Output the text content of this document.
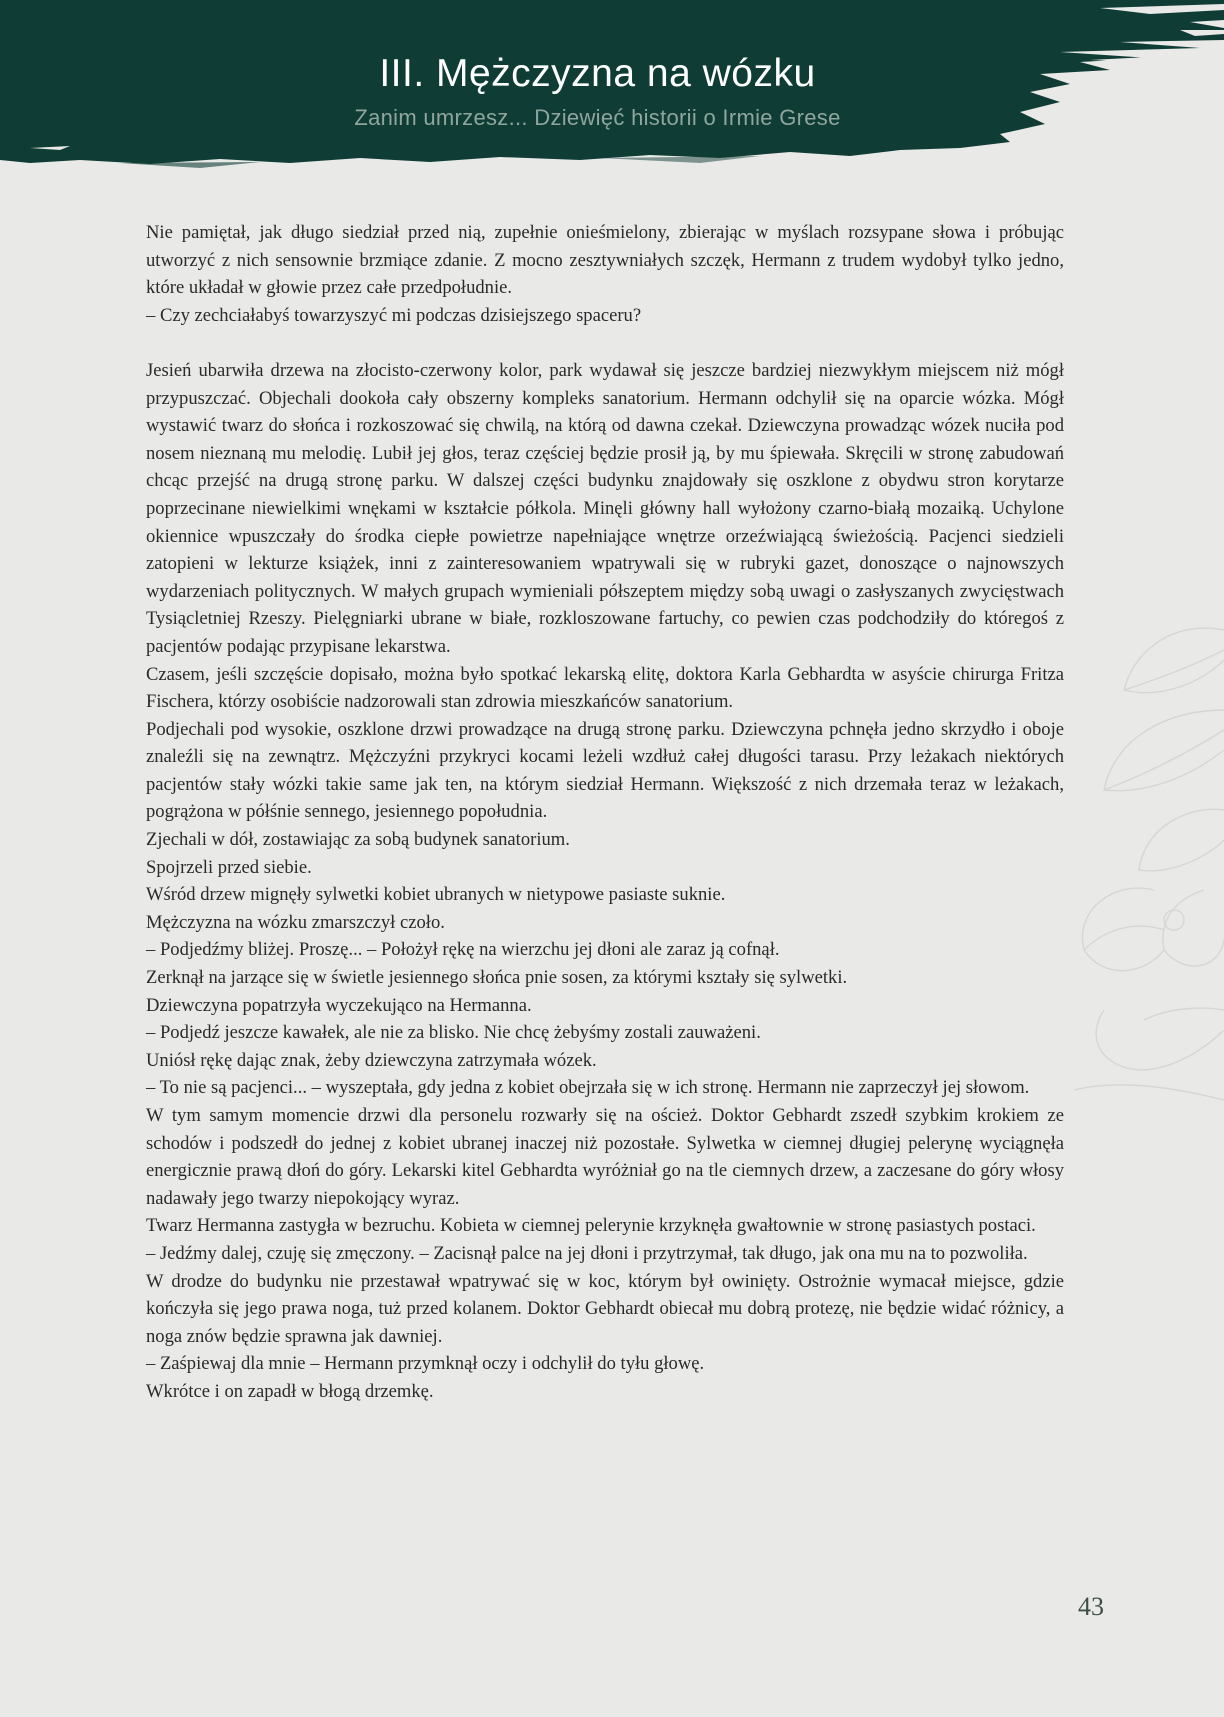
III. Mężczyzna na wózku
Zanim umrzesz... Dziewięć historii o Irmie Grese

Nie pamiętał, jak długo siedział przed nią, zupełnie onieśmielony, zbierając w myślach rozsypane słowa i próbując utworzyć z nich sensownie brzmiące zdanie. Z mocno zesztywniałych szczęk, Hermann z trudem wydobył tylko jedno, które układał w głowie przez całe przedpołudnie.

– Czy zechciałabyś towarzyszyć mi podczas dzisiejszego spaceru?

Jesień ubarwiła drzewa na złocisto-czerwony kolor, park wydawał się jeszcze bardziej niezwykłym miejscem niż mógł przypuszczać. Objechali dookoła cały obszerny kompleks sanatorium. Hermann odchylił się na oparcie wózka. Mógł wystawić twarz do słońca i rozkoszować się chwilą, na którą od dawna czekał. Dziewczyna prowadząc wózek nuciła pod nosem nieznaną mu melodię. Lubił jej głos, teraz częściej będzie prosił ją, by mu śpiewała. Skręcili w stronę zabudowań chcąc przejść na drugą stronę parku. W dalszej części budynku znajdowały się oszklone z obydwu stron korytarze poprzecinane niewielkimi wnękami w kształcie półkola. Minęli główny hall wyłożony czarno-białą mozaiką. Uchylone okiennice wpuszczały do środka ciepłe powietrze napełniające wnętrze orzeźwiającą świeżością. Pacjenci siedzieli zatopieni w lekturze książek, inni z zainteresowaniem wpatrywali się w rubryki gazet, donoszące o najnowszych wydarzeniach politycznych. W małych grupach wymieniali półszeptem między sobą uwagi o zasłyszanych zwycięstwach Tysiącletniej Rzeszy. Pielęgniarki ubrane w białe, rozkloszowane fartuchy, co pewien czas podchodziły do któregoś z pacjentów podając przypisane lekarstwa.

Czasem, jeśli szczęście dopisało, można było spotkać lekarską elitę, doktora Karla Gebhardta w asyście chirurga Fritza Fischera, którzy osobiście nadzorowali stan zdrowia mieszkańców sanatorium.

Podjechali pod wysokie, oszklone drzwi prowadzące na drugą stronę parku. Dziewczyna pchnęła jedno skrzydło i oboje znaleźli się na zewnątrz. Mężczyźni przykryci kocami leżeli wzdłuż całej długości tarasu. Przy leżakach niektórych pacjentów stały wózki takie same jak ten, na którym siedział Hermann. Większość z nich drzemała teraz w leżakach, pogrążona w półśnie sennego, jesiennego popołudnia.

Zjechali w dół, zostawiając za sobą budynek sanatorium.

Spojrzeli przed siebie.

Wśród drzew mignęły sylwetki kobiet ubranych w nietypowe pasiaste suknie.

Mężczyzna na wózku zmarszczył czoło.

– Podjedźmy bliżej. Proszę... – Położył rękę na wierzchu jej dłoni ale zaraz ją cofnął.

Zerknął na jarzące się w świetle jesiennego słońca pnie sosen, za którymi kształy się sylwetki.

Dziewczyna popatrzyła wyczekująco na Hermanna.

– Podjedź jeszcze kawałek, ale nie za blisko. Nie chcę żebyśmy zostali zauważeni.

Uniósł rękę dając znak, żeby dziewczyna zatrzymała wózek.

– To nie są pacjenci... – wyszeptała, gdy jedna z kobiet obejrzała się w ich stronę. Hermann nie zaprzeczył jej słowom.

W tym samym momencie drzwi dla personelu rozwarły się na oścież. Doktor Gebhardt zszedł szybkim krokiem ze schodów i podszedł do jednej z kobiet ubranej inaczej niż pozostałe. Sylwetka w ciemnej długiej pelerynę wyciągnęła energicznie prawą dłoń do góry. Lekarski kitel Gebhardta wyróżniał go na tle ciemnych drzew, a zaczesane do góry włosy nadawały jego twarzy niepokojący wyraz.

Twarz Hermanna zastygła w bezruchu. Kobieta w ciemnej pelerynie krzyknęła gwałtownie w stronę pasiastych postaci.

– Jedźmy dalej, czuję się zmęczony. – Zacisnął palce na jej dłoni i przytrzymał, tak długo, jak ona mu na to pozwoliła.

W drodze do budynku nie przestawał wpatrywać się w koc, którym był owinięty. Ostrożnie wymacał miejsce, gdzie kończyła się jego prawa noga, tuż przed kolanem. Doktor Gebhardt obiecał mu dobrą protezę, nie będzie widać różnicy, a noga znów będzie sprawna jak dawniej.

– Zaśpiewaj dla mnie – Hermann przymknął oczy i odchylił do tyłu głowę.

Wkrótce i on zapadł w błogą drzemkę.

43
